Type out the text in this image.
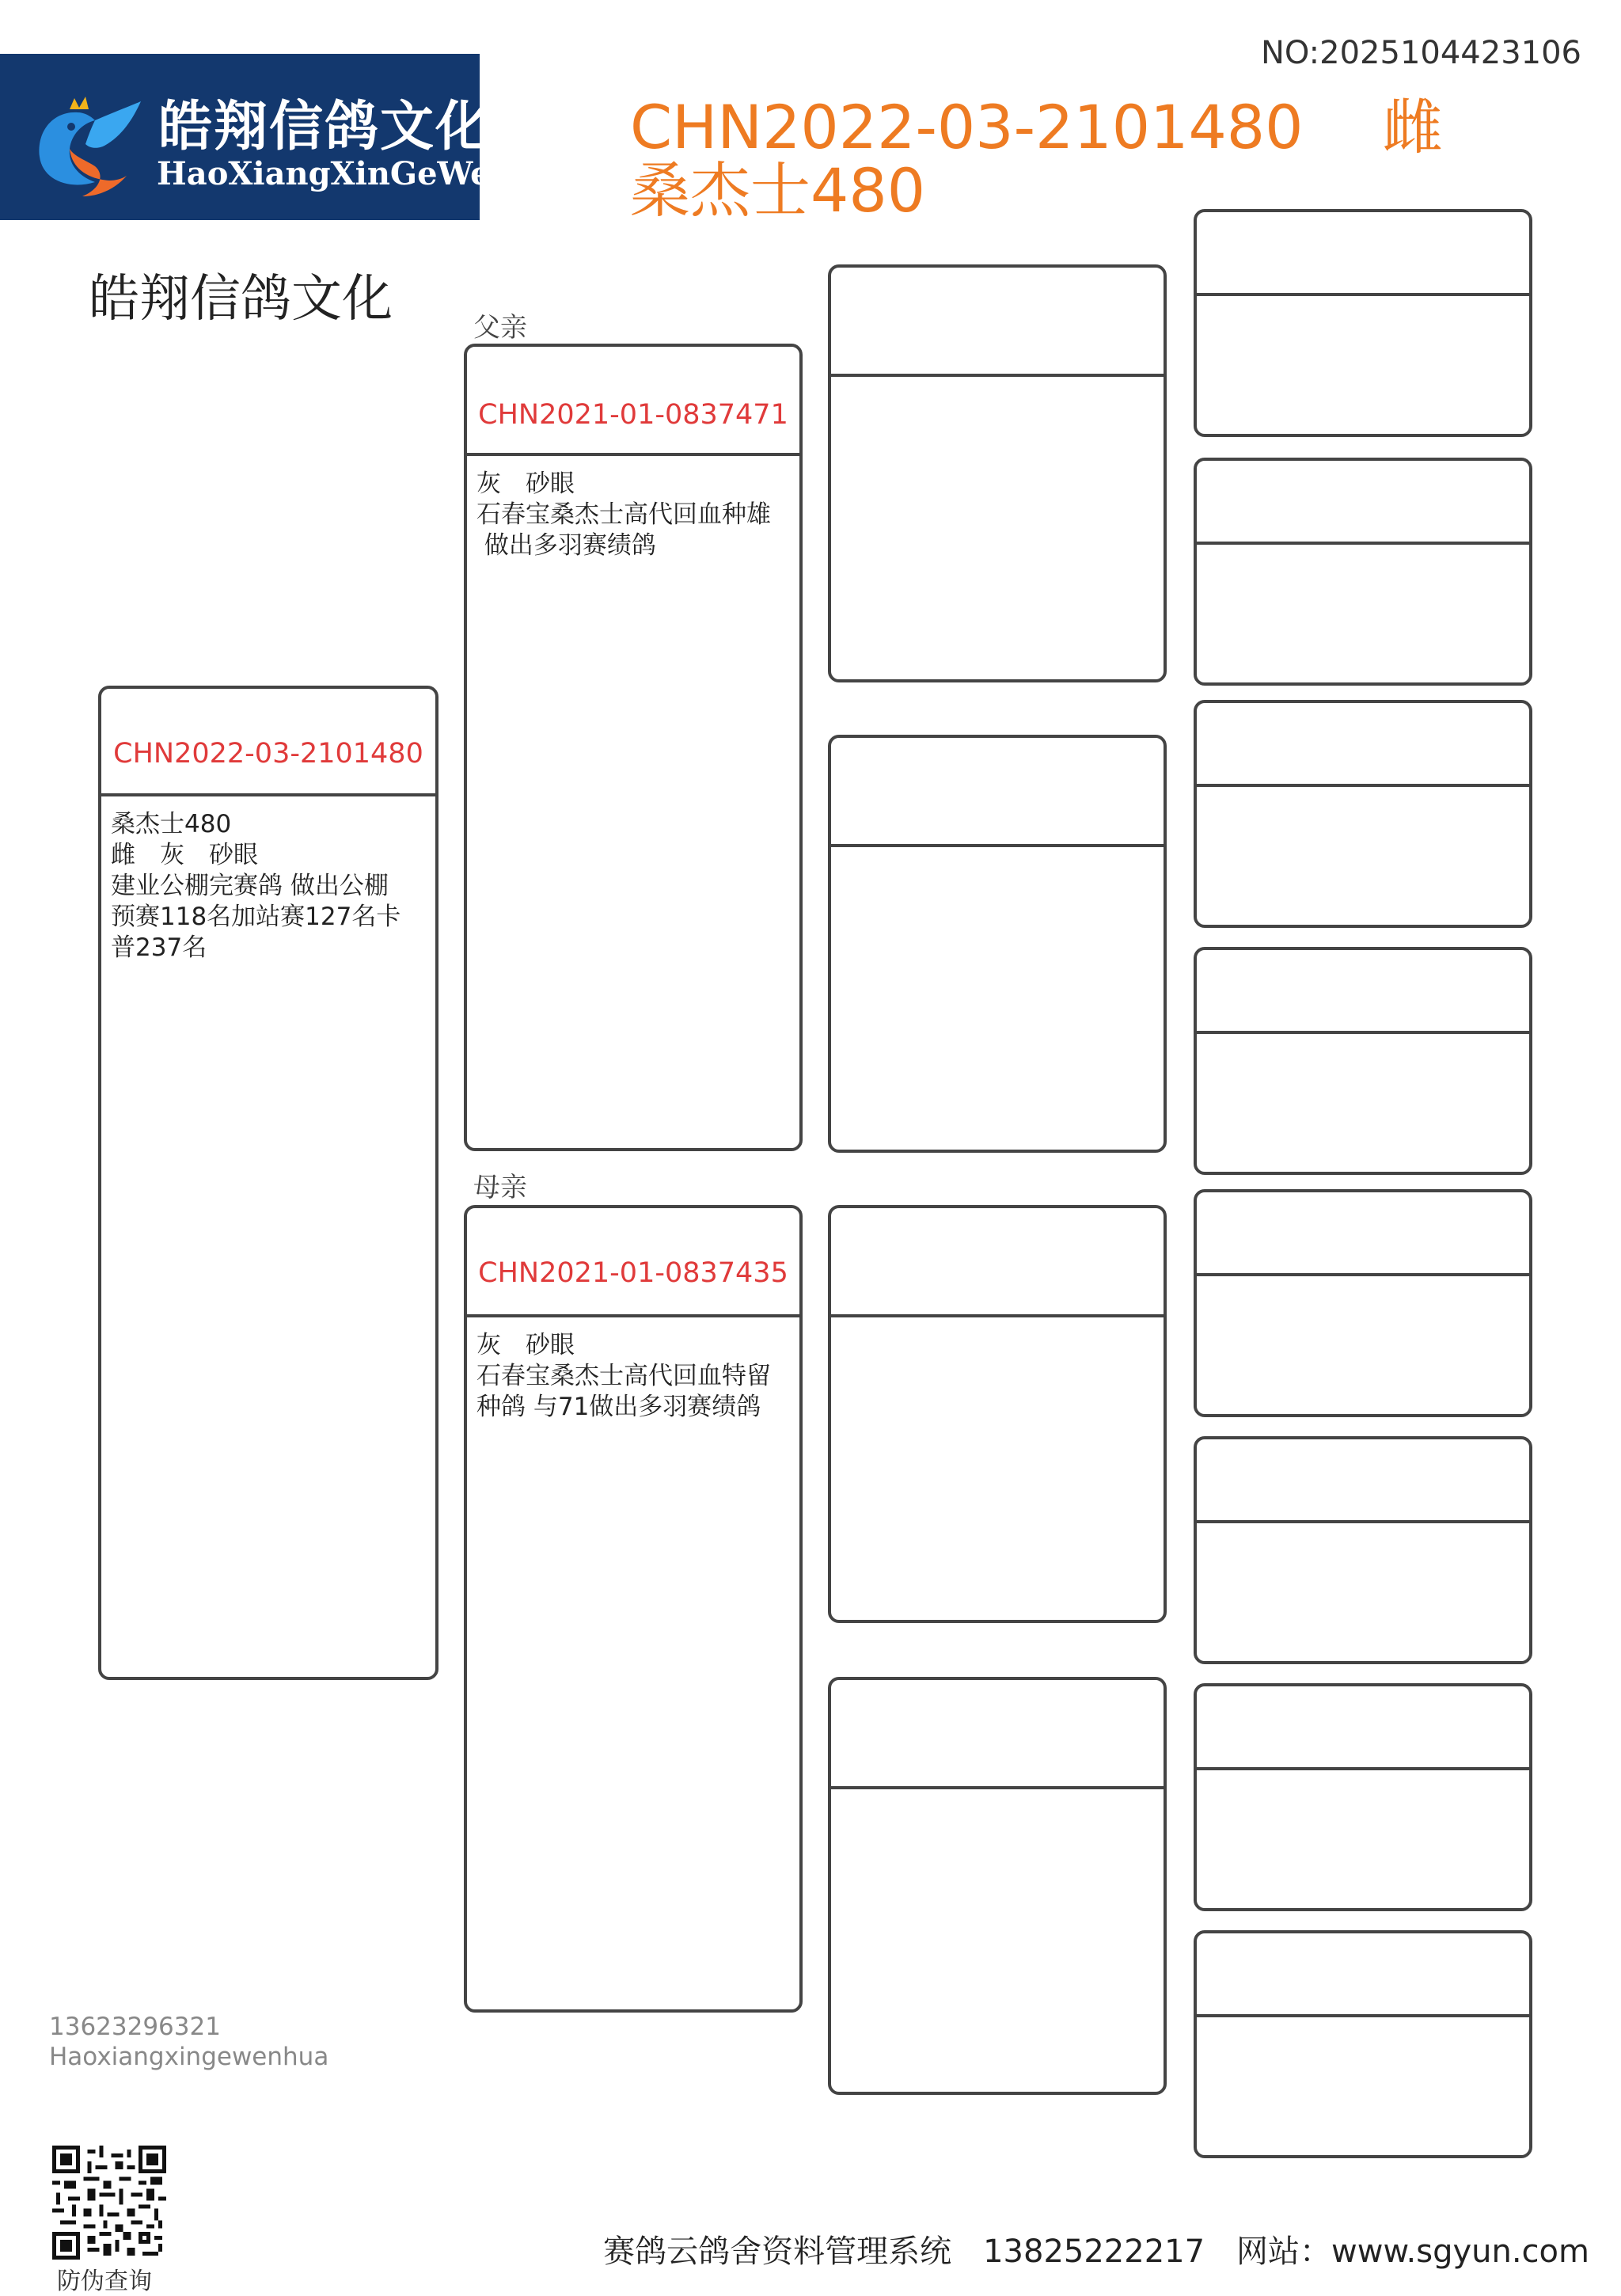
皓翔信鸽文化
HaoXiangXinGeWeiHua
NO:2025104423106
CHN2022-03-2101480　 雌
桑杰士480
皓翔信鸽文化
CHN2022-03-2101480
桑杰士480
雌　灰　砂眼
建业公棚完赛鸽 做出公棚
预赛118名加站赛127名卡
普237名
父亲
CHN2021-01-0837471
灰　砂眼
石春宝桑杰士高代回血种雄
做出多羽赛绩鸽
母亲
CHN2021-01-0837435
灰　砂眼
石春宝桑杰士高代回血特留
种鸽 与71做出多羽赛绩鸽
13623296321
Haoxiangxingewenhua
防伪查询
赛鸽云鸽舍资料管理系统　13825222217　网站：www.sgyun.com
